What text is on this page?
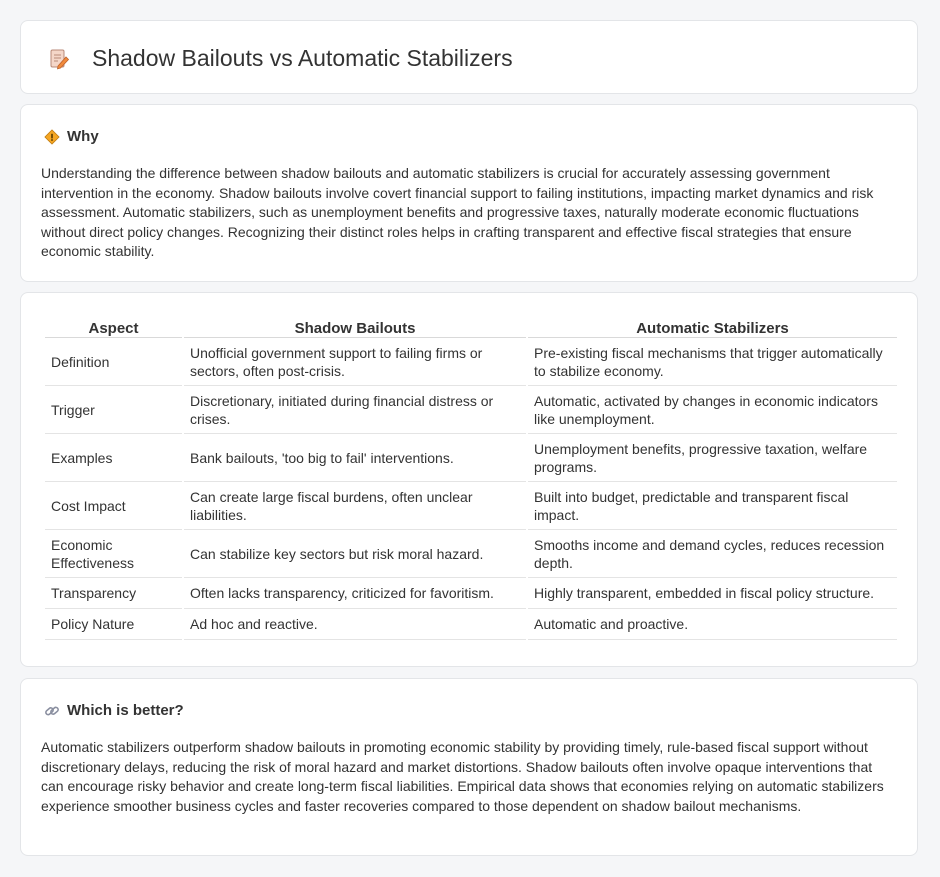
Shadow Bailouts vs Automatic Stabilizers
Why

Understanding the difference between shadow bailouts and automatic stabilizers is crucial for accurately assessing government intervention in the economy. Shadow bailouts involve covert financial support to failing institutions, impacting market dynamics and risk assessment. Automatic stabilizers, such as unemployment benefits and progressive taxes, naturally moderate economic fluctuations without direct policy changes. Recognizing their distinct roles helps in crafting transparent and effective fiscal strategies that ensure economic stability.

Aspect	Shadow Bailouts	Automatic Stabilizers
Definition	Unofficial government support to failing firms or sectors, often post-crisis.	Pre-existing fiscal mechanisms that trigger automatically to stabilize economy.
Trigger	Discretionary, initiated during financial distress or crises.	Automatic, activated by changes in economic indicators like unemployment.
Examples	Bank bailouts, 'too big to fail' interventions.	Unemployment benefits, progressive taxation, welfare programs.
Cost Impact	Can create large fiscal burdens, often unclear liabilities.	Built into budget, predictable and transparent fiscal impact.
Economic Effectiveness	Can stabilize key sectors but risk moral hazard.	Smooths income and demand cycles, reduces recession depth.
Transparency	Often lacks transparency, criticized for favoritism.	Highly transparent, embedded in fiscal policy structure.
Policy Nature	Ad hoc and reactive.	Automatic and proactive.
Which is better?

Automatic stabilizers outperform shadow bailouts in promoting economic stability by providing timely, rule-based fiscal support without discretionary delays, reducing the risk of moral hazard and market distortions. Shadow bailouts often involve opaque interventions that can encourage risky behavior and create long-term fiscal liabilities. Empirical data shows that economies relying on automatic stabilizers experience smoother business cycles and faster recoveries compared to those dependent on shadow bailout mechanisms.
